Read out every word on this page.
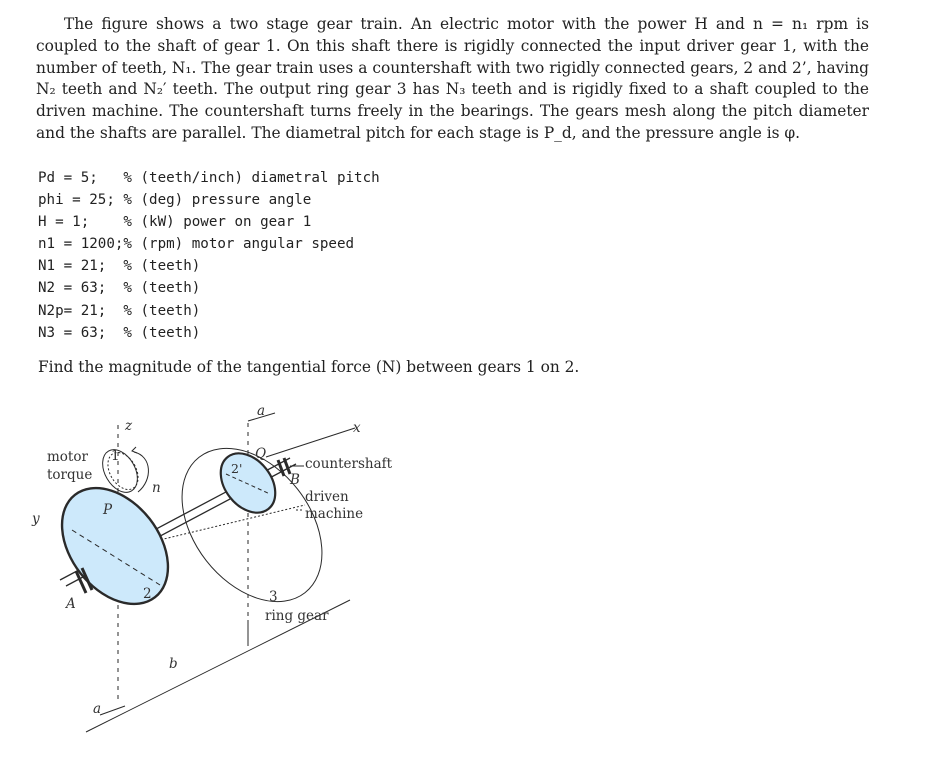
The figure shows a two stage gear train. An electric motor with the power H and n = n₁ rpm is coupled to the shaft of gear 1. On this shaft there is rigidly connected the input driver gear 1, with the number of teeth, N₁. The gear train uses a countershaft with two rigidly connected gears, 2 and 2’, having N₂ teeth and N₂′ teeth. The output ring gear 3 has N₃ teeth and is rigidly fixed to a shaft coupled to the driven machine. The countershaft turns freely in the bearings. The gears mesh along the pitch diameter and the shafts are parallel. The diametral pitch for each stage is P_d, and the pressure angle is φ.

Pd = 5;   % (teeth/inch) diametral pitch
phi = 25; % (deg) pressure angle
H = 1;    % (kW) power on gear 1
n1 = 1200;% (rpm) motor angular speed
N1 = 21;  % (teeth)
N2 = 63;  % (teeth)
N2p= 21;  % (teeth)
N3 = 63;  % (teeth)

Find the magnitude of the tangential force (N) between gears 1 on 2.

motor
torque
1
z
n
y
P
A
2
a
Q
x
2'
B
countershaft
driven
machine
3
ring gear
b
a
